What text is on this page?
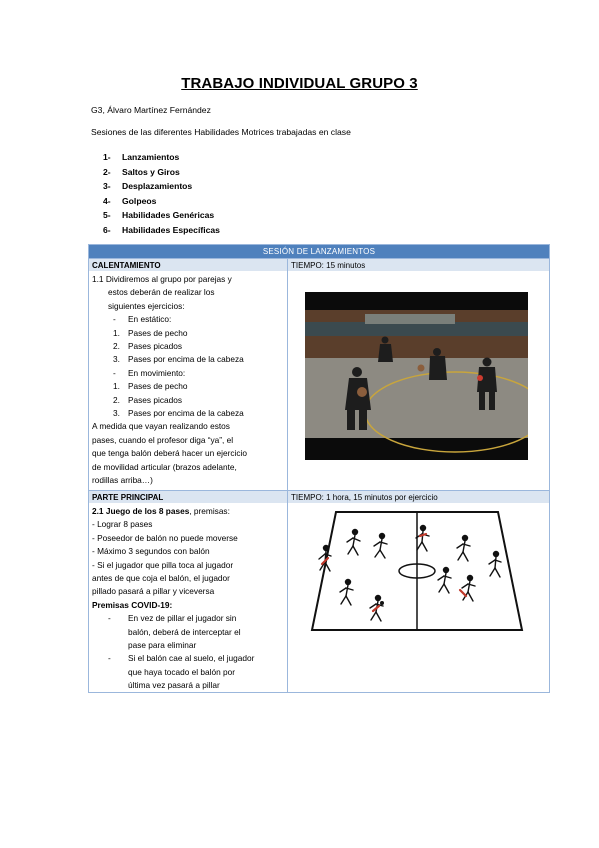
TRABAJO INDIVIDUAL GRUPO 3
G3, Álvaro Martínez Fernández
Sesiones de las diferentes Habilidades Motrices trabajadas en clase
1- Lanzamientos
2- Saltos y Giros
3- Desplazamientos
4- Golpeos
5- Habilidades Genéricas
6- Habilidades Específicas
SESIÓN DE LANZAMIENTOS
CALENTAMIENTO	TIEMPO: 15 minutos
1.1 Dividiremos al grupo por parejas y
estos deberán de realizar los
siguientes ejercicios:
- En estático:
1. Pases de pecho
2. Pases picados
3. Pases por encima de la cabeza
- En movimiento:
1. Pases de pecho
2. Pases picados
3. Pases por encima de la cabeza
A medida que vayan realizando estos
pases, cuando el profesor diga “ya”, el
que tenga balón deberá hacer un ejercicio
de movilidad articular (brazos adelante,
rodillas arriba…)
PARTE PRINCIPAL	TIEMPO: 1 hora, 15 minutos por ejercicio
2.1 Juego de los 8 pases, premisas:
- Lograr 8 pases
- Poseedor de balón no puede moverse
- Máximo 3 segundos con balón
- Si el jugador que pilla toca al jugador
antes de que coja el balón, el jugador
pillado pasará a pillar y viceversa
Premisas COVID-19:
- En vez de pillar el jugador sin
balón, deberá de interceptar el
pase para eliminar
- Si el balón cae al suelo, el jugador
que haya tocado el balón por
última vez pasará a pillar
